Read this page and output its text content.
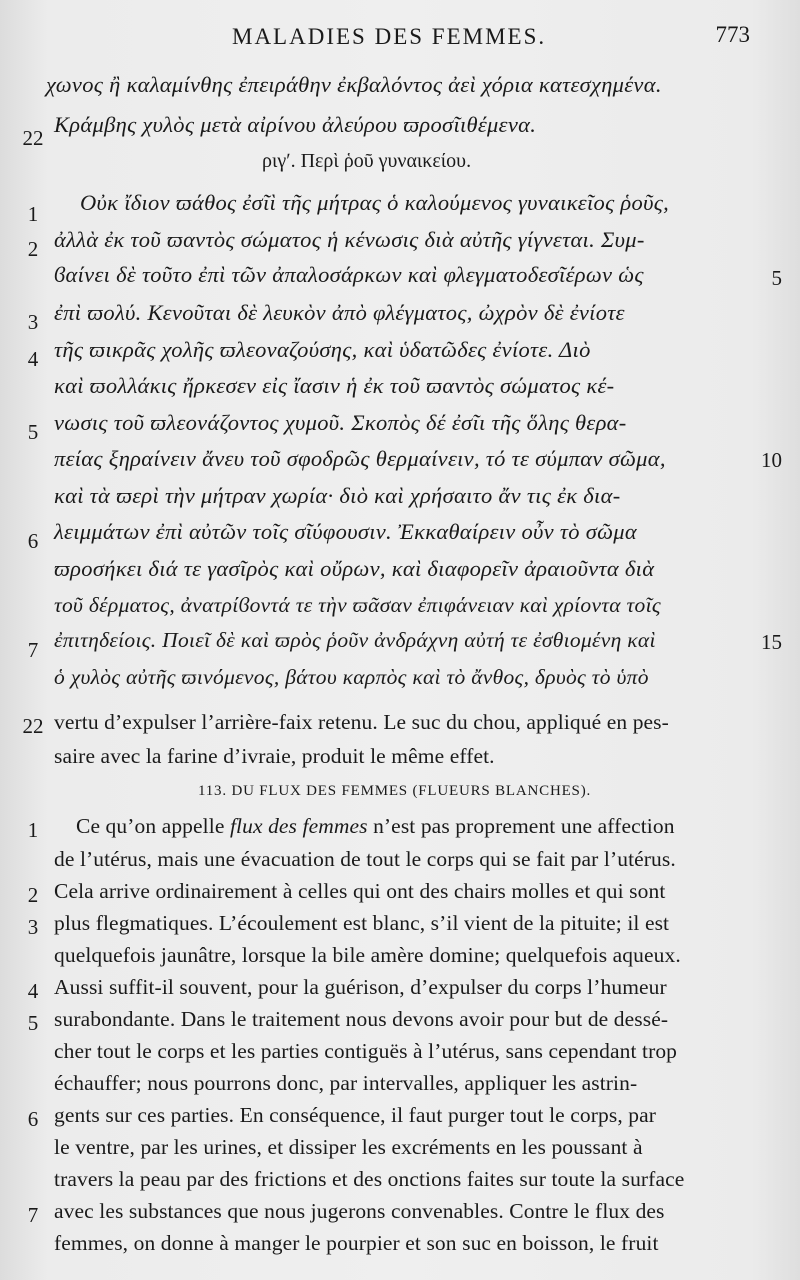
MALADIES DES FEMMES.	773
χωνος ἢ καλαμίνθης ἐπειράθην ἐκβαλόντος ἀεὶ χόρια κατεσχημένα.
22
Κράμβης χυλὸς μετὰ αἰρίνου ἀλεύρου ϖροσῖιθέμενα.
ριγʹ. Περὶ ῥοῦ γυναικείου.
1	Οὐκ ἴδιον ϖάθος ἐσῖὶ τῆς μήτρας ὁ καλούμενος γυναικεῖος ῥοῦς,
2 ἀλλὰ ἐκ τοῦ ϖαντὸς σώματος ἡ κένωσις διὰ αὐτῆς γίγνεται. Συμ-
ϐαίνει δὲ τοῦτο ἐπὶ τῶν ἀπαλοσάρκων καὶ φλεγματοδεσῖέρων ὡς	5
3 ἐπὶ ϖολύ. Κενοῦται δὲ λευκὸν ἀπὸ φλέγματος, ὠχρὸν δὲ ἐνίοτε
4 τῆς ϖικρᾶς χολῆς ϖλεοναζούσης, καὶ ὑδατῶδες ἐνίοτε. Διὸ
καὶ ϖολλάκις ἤρκεσεν εἰς ἴασιν ἡ ἐκ τοῦ ϖαντὸς σώματος κέ-
5 νωσις τοῦ ϖλεονάζοντος χυμοῦ. Σκοπὸς δέ ἐσῖι τῆς ὅλης θερα-
πείας ξηραίνειν ἄνευ τοῦ σφοδρῶς θερμαίνειν, τό τε σύμπαν σῶμα,	10
καὶ τὰ ϖερὶ τὴν μήτραν χωρία· διὸ καὶ χρήσαιτο ἄν τις ἐκ δια-
6 λειμμάτων ἐπὶ αὐτῶν τοῖς σῖύφουσιν. Ἐκκαθαίρειν οὖν τὸ σῶμα
ϖροσήκει διά τε γασῖρὸς καὶ οὔρων, καὶ διαφορεῖν ἀραιοῦντα διὰ
τοῦ δέρματος, ἀνατρίϐοντά τε τὴν ϖᾶσαν ἐπιφάνειαν καὶ χρίοντα τοῖς
7 ἐπιτηδείοις. Ποιεῖ δὲ καὶ ϖρὸς ῥοῦν ἀνδράχνη αὐτή τε ἐσθιομένη καὶ	15
ὁ χυλὸς αὐτῆς ϖινόμενος, βάτου καρπὸς καὶ τὸ ἄνθος, δρυὸς τὸ ὑπὸ
22 vertu d’expulser l’arrière-faix retenu. Le suc du chou, appliqué en pes-
saire avec la farine d’ivraie, produit le même effet.
113. DU FLUX DES FEMMES (FLUEURS BLANCHES).
1	Ce qu’on appelle flux des femmes n’est pas proprement une affection
de l’utérus, mais une évacuation de tout le corps qui se fait par l’utérus.
2 Cela arrive ordinairement à celles qui ont des chairs molles et qui sont
3 plus flegmatiques. L’écoulement est blanc, s’il vient de la pituite; il est
quelquefois jaunâtre, lorsque la bile amère domine; quelquefois aqueux.
4 Aussi suffit-il souvent, pour la guérison, d’expulser du corps l’humeur
5 surabondante. Dans le traitement nous devons avoir pour but de dessé-
cher tout le corps et les parties contiguës à l’utérus, sans cependant trop
échauffer; nous pourrons donc, par intervalles, appliquer les astrin-
6 gents sur ces parties. En conséquence, il faut purger tout le corps, par
le ventre, par les urines, et dissiper les excréments en les poussant à
travers la peau par des frictions et des onctions faites sur toute la surface
7 avec les substances que nous jugerons convenables. Contre le flux des
femmes, on donne à manger le pourpier et son suc en boisson, le fruit
